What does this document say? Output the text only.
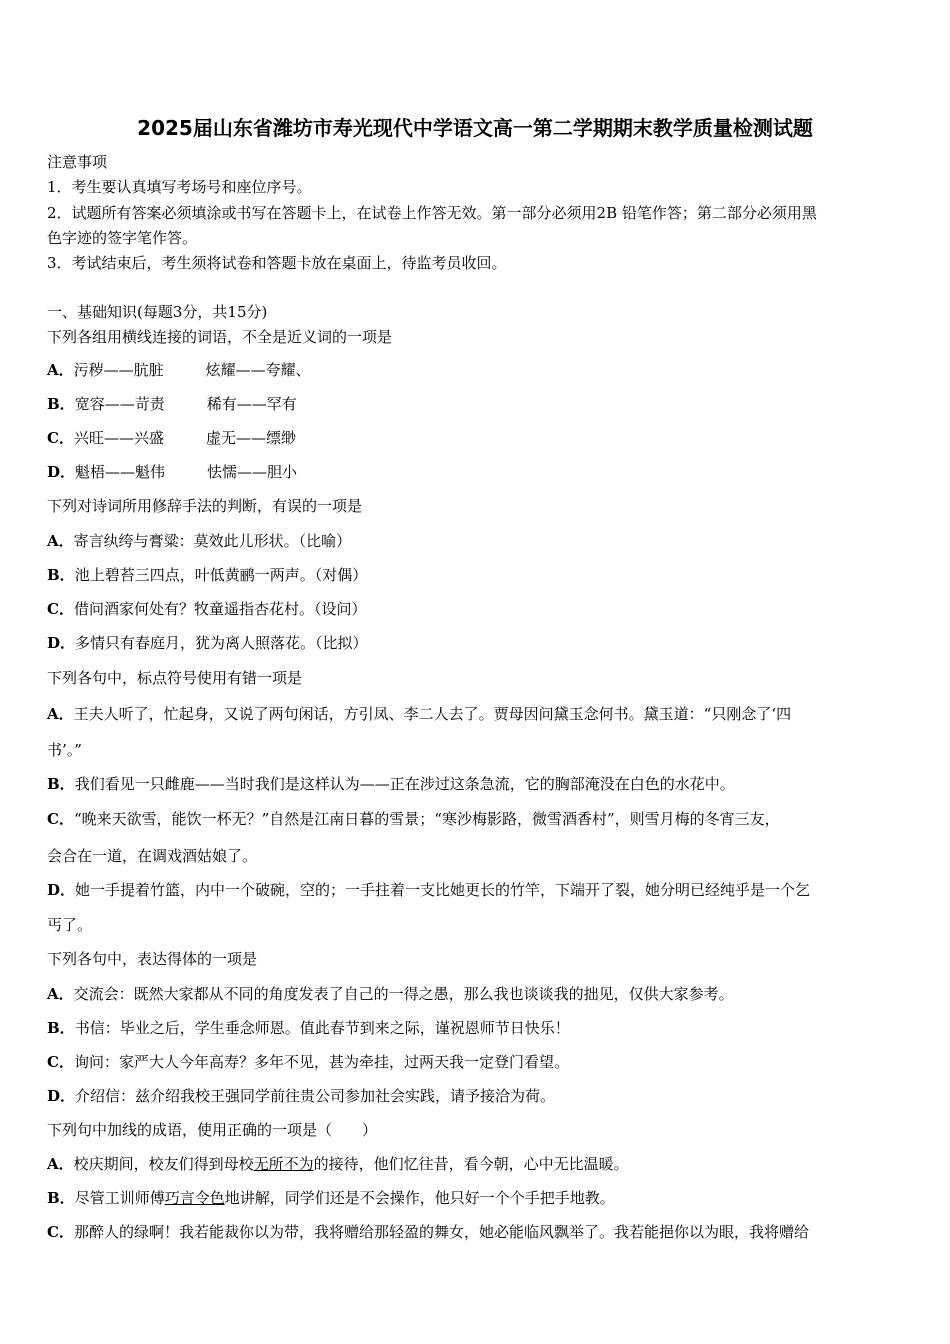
2025届山东省潍坊市寿光现代中学语文高一第二学期期末教学质量检测试题
注意事项
1．考生要认真填写考场号和座位序号。
2．试题所有答案必须填涂或书写在答题卡上，在试卷上作答无效。第一部分必须用2B 铅笔作答；第二部分必须用黑
色字迹的签字笔作答。
3．考试结束后，考生须将试卷和答题卡放在桌面上，待监考员收回。
一、基础知识(每题3分，共15分)
下列各组用横线连接的词语，不全是近义词的一项是
A．污秽——肮脏	炫耀——夸耀、
B．宽容——苛责	稀有——罕有
C．兴旺——兴盛	虚无——缥缈
D．魁梧——魁伟	怯懦——胆小
下列对诗词所用修辞手法的判断，有误的一项是
A．寄言纨绔与膏粱：莫效此儿形状。（比喻）
B．池上碧苔三四点，叶低黄鹂一两声。（对偶）
C．借问酒家何处有？牧童遥指杏花村。（设问）
D．多情只有春庭月，犹为离人照落花。（比拟）
下列各句中，标点符号使用有错一项是
A．王夫人听了，忙起身，又说了两句闲话，方引凤、李二人去了。贾母因问黛玉念何书。黛玉道：“只刚念了‘四
书’。”
B．我们看见一只雌鹿——当时我们是这样认为——正在涉过这条急流，它的胸部淹没在白色的水花中。
C．“晚来天欲雪，能饮一杯无？”自然是江南日暮的雪景；“寒沙梅影路，微雪酒香村”，则雪月梅的冬宵三友，
会合在一道，在调戏酒姑娘了。
D．她一手提着竹篮，内中一个破碗，空的；一手拄着一支比她更长的竹竿，下端开了裂，她分明已经纯乎是一个乞
丐了。
下列各句中，表达得体的一项是
A．交流会：既然大家都从不同的角度发表了自己的一得之愚，那么我也谈谈我的拙见，仅供大家参考。
B．书信：毕业之后，学生垂念师恩。值此春节到来之际，谨祝恩师节日快乐！
C．询问：家严大人今年高寿？多年不见，甚为牵挂，过两天我一定登门看望。
D．介绍信：兹介绍我校王强同学前往贵公司参加社会实践，请予接洽为荷。
下列句中加线的成语，使用正确的一项是（　　）
A．校庆期间，校友们得到母校无所不为的接待，他们忆往昔，看今朝，心中无比温暖。
B．尽管工训师傅巧言令色地讲解，同学们还是不会操作，他只好一个个手把手地教。
C．那醉人的绿啊！我若能裁你以为带，我将赠给那轻盈的舞女，她必能临风飘举了。我若能挹你以为眼，我将赠给
